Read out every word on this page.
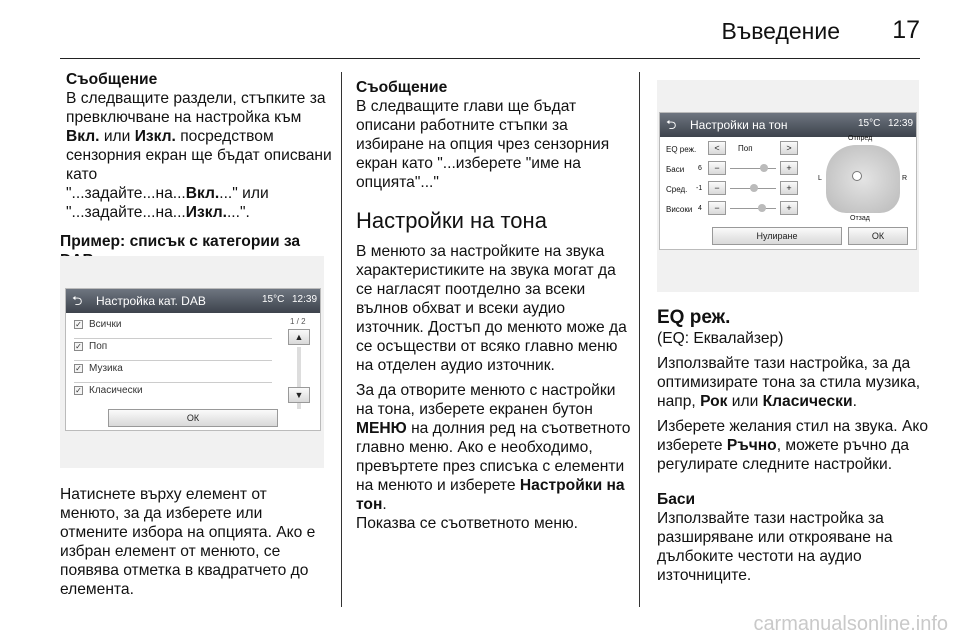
Въведение 17
Съобщение

В следващите раздели, стъпките за превключване на настройка към Вкл. или Изкл. посредством сензорния екран ще бъдат описвани като
"...задайте...на...Вкл...." или
"...задайте...на...Изкл....".

Пример: списък с категории за
⮌	Настройка кат. DAB	15°C 12:39
✓ Всички
✓ Поп
✓ Музика
✓ Класически
1 / 2
▲
▼
ОК

Натиснете върху елемент от менюто, за да изберете или отмените избора на опцията. Ако е избран елемент от менюто, се появява отметка в квадратчето до елемента.

Съобщение

В следващите глави ще бъдат описани работните стъпки за избиране на опция чрез сензорния екран като "...изберете "име на опцията"..."

Настройки на тона

В менюто за настройките на звука характеристиките на звука могат да се нагласят поотделно за всеки вълнов обхват и всеки аудио източник. Достъп до менюто може да се осъществи от всяко главно меню на отделен аудио източник.

За да отворите менюто с настройки на тона, изберете екранен бутон МЕНЮ на долния ред на съответното главно меню. Ако е необходимо, превъртете през списъка с елементи на менюто и изберете Настройки на тон.

Показва се съответното меню.

⮌	Настройки на тон	15°C 12:39
EQ реж.	<	Поп	>
Баси 6	−	+
Сред. -1	−	+
Високи 4	−	+
Отпред
L	R
Отзад
Нулиране	ОК
EQ реж.

(EQ: Еквалайзер)

Използвайте тази настройка, за да оптимизирате тона за стила музика, напр, Рок или Класически.

Изберете желания стил на звука. Ако изберете Ръчно, можете ръчно да регулирате следните настройки.

Баси

Използвайте тази настройка за разширяване или открояване на дълбоките честоти на аудио източниците.

carmanualsonline.info
